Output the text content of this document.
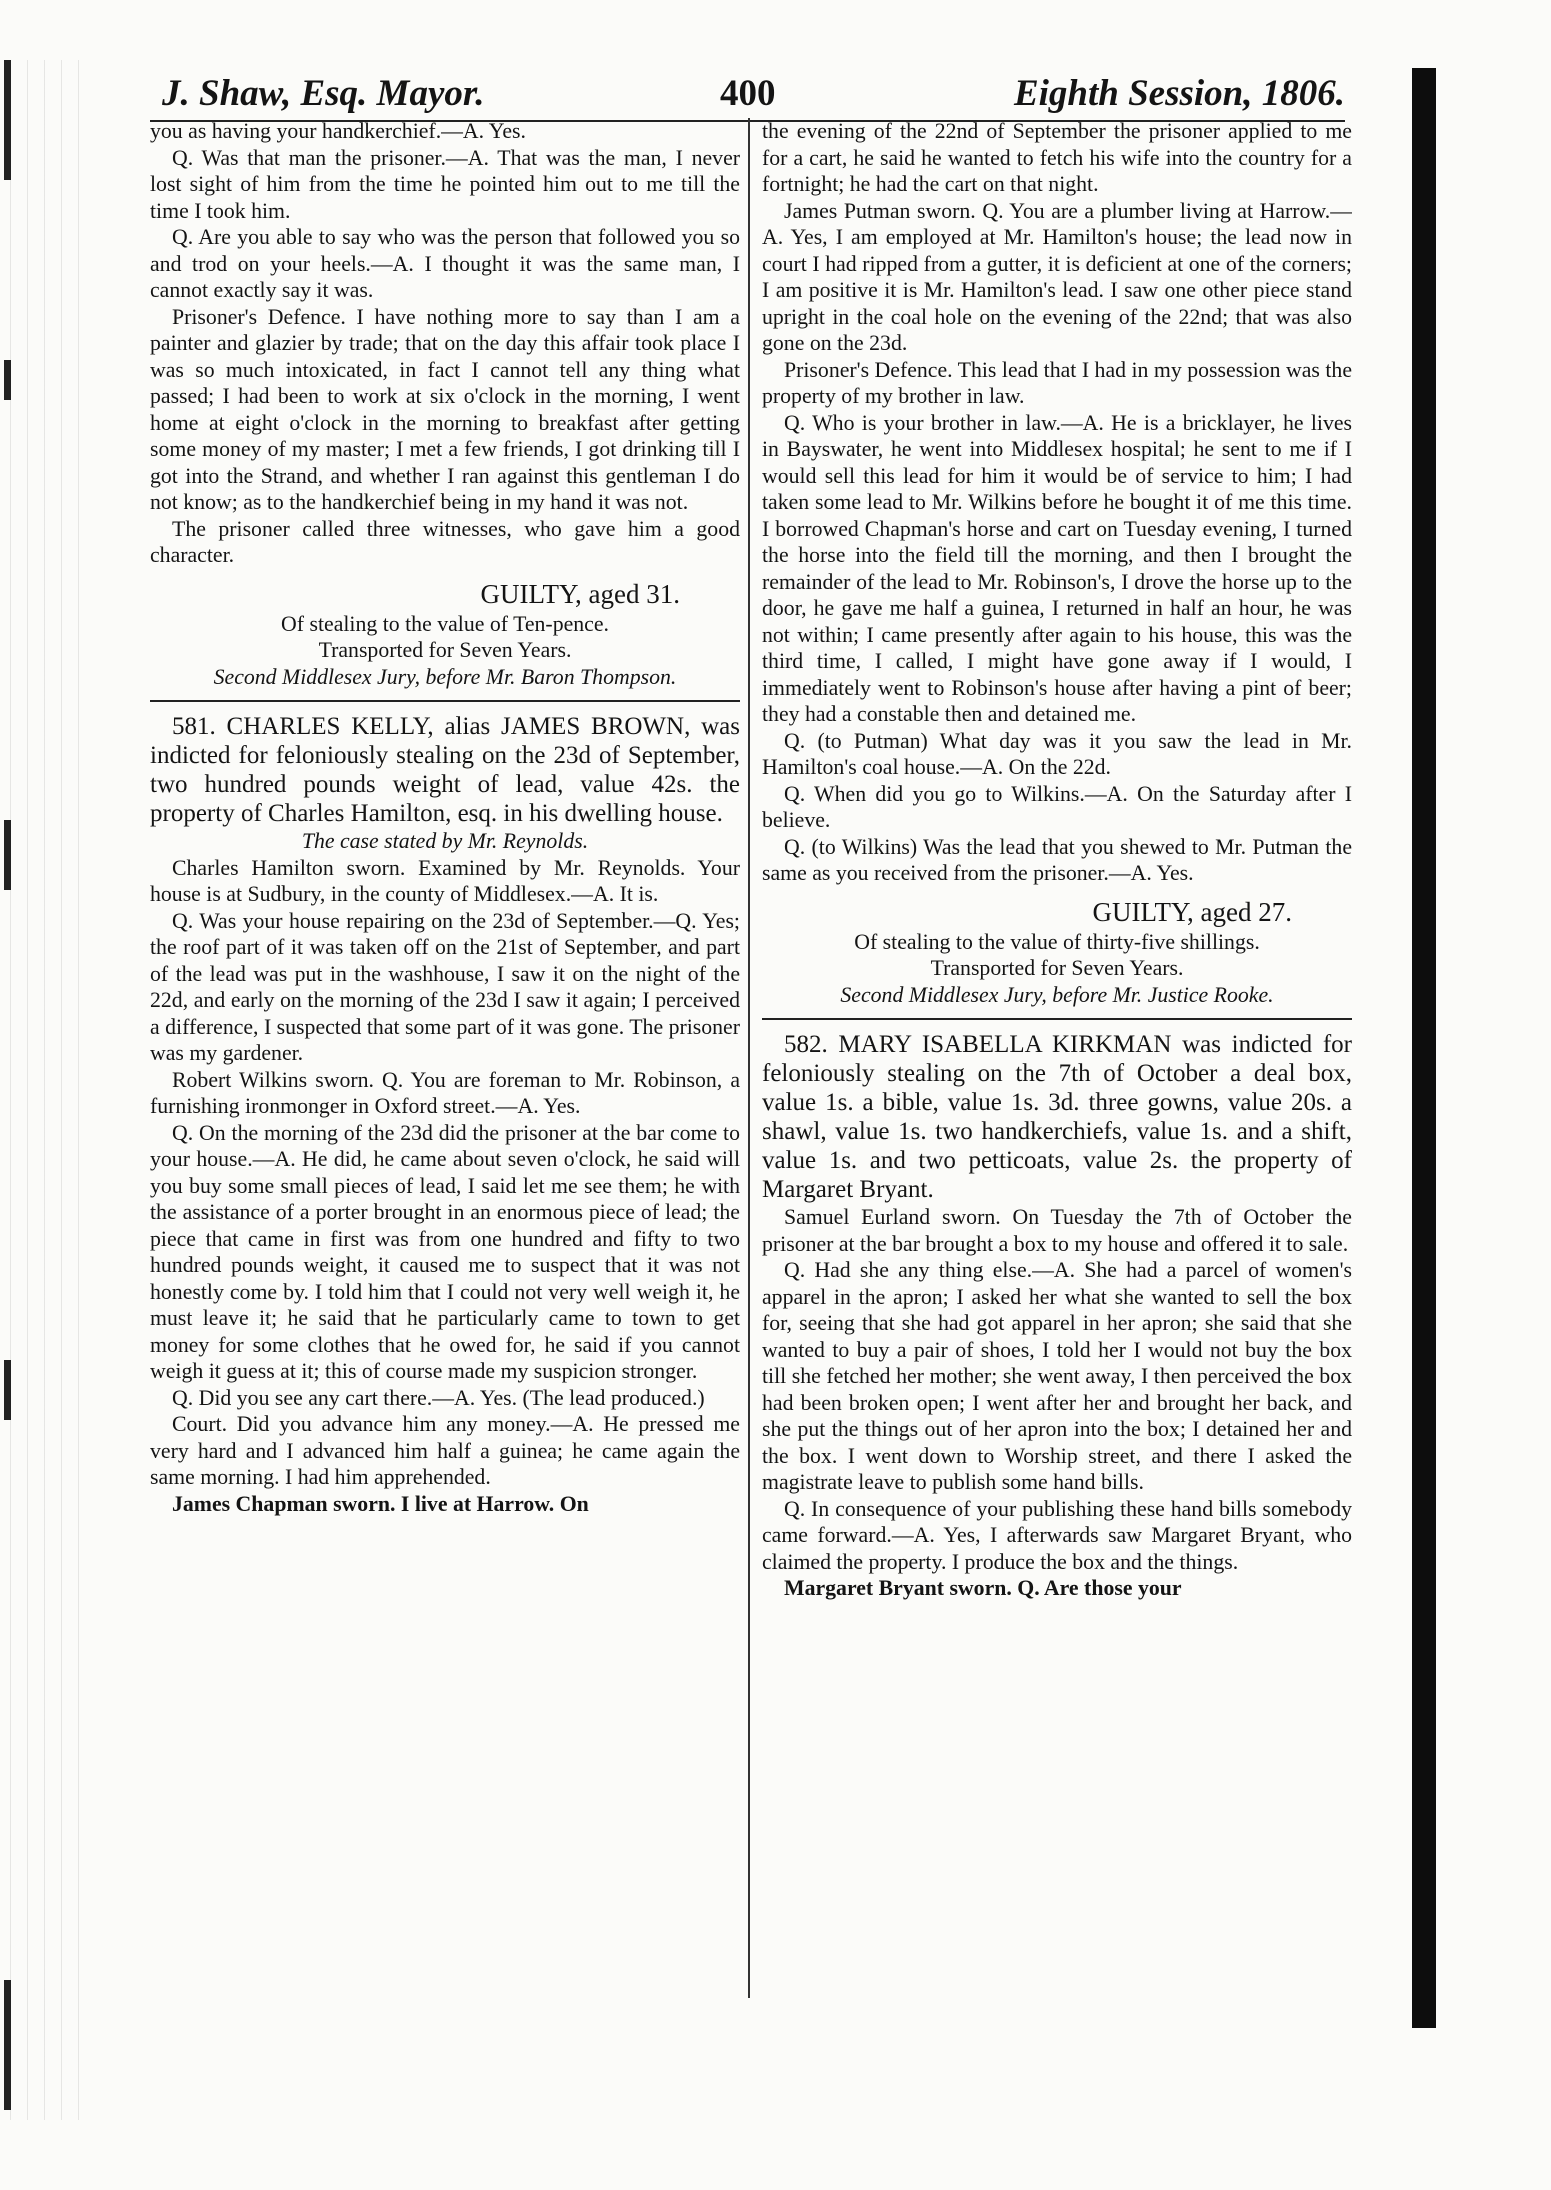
J. Shaw, Esq. Mayor.	400	Eighth Session, 1806.

you as having your handkerchief.—A. Yes.

Q. Was that man the prisoner.—A. That was the man, I never lost sight of him from the time he pointed him out to me till the time I took him.

Q. Are you able to say who was the person that followed you so and trod on your heels.—A. I thought it was the same man, I cannot exactly say it was.

Prisoner's Defence. I have nothing more to say than I am a painter and glazier by trade; that on the day this affair took place I was so much intoxicated, in fact I cannot tell any thing what passed; I had been to work at six o'clock in the morning, I went home at eight o'clock in the morning to breakfast after getting some money of my master; I met a few friends, I got drinking till I got into the Strand, and whether I ran against this gentleman I do not know; as to the handkerchief being in my hand it was not.

The prisoner called three witnesses, who gave him a good character.

GUILTY, aged 31.

Of stealing to the value of Ten-pence.

Transported for Seven Years.

Second Middlesex Jury, before Mr. Baron Thompson.

581. CHARLES KELLY, alias JAMES BROWN, was indicted for feloniously stealing on the 23d of September, two hundred pounds weight of lead, value 42s. the property of Charles Hamilton, esq. in his dwelling house.

The case stated by Mr. Reynolds.

Charles Hamilton sworn. Examined by Mr. Reynolds. Your house is at Sudbury, in the county of Middlesex.—A. It is.

Q. Was your house repairing on the 23d of September.—Q. Yes; the roof part of it was taken off on the 21st of September, and part of the lead was put in the washhouse, I saw it on the night of the 22d, and early on the morning of the 23d I saw it again; I perceived a difference, I suspected that some part of it was gone. The prisoner was my gardener.

Robert Wilkins sworn. Q. You are foreman to Mr. Robinson, a furnishing ironmonger in Oxford street.—A. Yes.

Q. On the morning of the 23d did the prisoner at the bar come to your house.—A. He did, he came about seven o'clock, he said will you buy some small pieces of lead, I said let me see them; he with the assistance of a porter brought in an enormous piece of lead; the piece that came in first was from one hundred and fifty to two hundred pounds weight, it caused me to suspect that it was not honestly come by. I told him that I could not very well weigh it, he must leave it; he said that he particularly came to town to get money for some clothes that he owed for, he said if you cannot weigh it guess at it; this of course made my suspicion stronger.

Q. Did you see any cart there.—A. Yes. (The lead produced.)

Court. Did you advance him any money.—A. He pressed me very hard and I advanced him half a guinea; he came again the same morning. I had him apprehended.

James Chapman sworn. I live at Harrow. On

the evening of the 22nd of September the prisoner applied to me for a cart, he said he wanted to fetch his wife into the country for a fortnight; he had the cart on that night.

James Putman sworn. Q. You are a plumber living at Harrow.—A. Yes, I am employed at Mr. Hamilton's house; the lead now in court I had ripped from a gutter, it is deficient at one of the corners; I am positive it is Mr. Hamilton's lead. I saw one other piece stand upright in the coal hole on the evening of the 22nd; that was also gone on the 23d.

Prisoner's Defence. This lead that I had in my possession was the property of my brother in law.

Q. Who is your brother in law.—A. He is a bricklayer, he lives in Bayswater, he went into Middlesex hospital; he sent to me if I would sell this lead for him it would be of service to him; I had taken some lead to Mr. Wilkins before he bought it of me this time. I borrowed Chapman's horse and cart on Tuesday evening, I turned the horse into the field till the morning, and then I brought the remainder of the lead to Mr. Robinson's, I drove the horse up to the door, he gave me half a guinea, I returned in half an hour, he was not within; I came presently after again to his house, this was the third time, I called, I might have gone away if I would, I immediately went to Robinson's house after having a pint of beer; they had a constable then and detained me.

Q. (to Putman) What day was it you saw the lead in Mr. Hamilton's coal house.—A. On the 22d.

Q. When did you go to Wilkins.—A. On the Saturday after I believe.

Q. (to Wilkins) Was the lead that you shewed to Mr. Putman the same as you received from the prisoner.—A. Yes.

GUILTY, aged 27.

Of stealing to the value of thirty-five shillings.

Transported for Seven Years.

Second Middlesex Jury, before Mr. Justice Rooke.

582. MARY ISABELLA KIRKMAN was indicted for feloniously stealing on the 7th of October a deal box, value 1s. a bible, value 1s. 3d. three gowns, value 20s. a shawl, value 1s. two handkerchiefs, value 1s. and a shift, value 1s. and two petticoats, value 2s. the property of Margaret Bryant.

Samuel Eurland sworn. On Tuesday the 7th of October the prisoner at the bar brought a box to my house and offered it to sale.

Q. Had she any thing else.—A. She had a parcel of women's apparel in the apron; I asked her what she wanted to sell the box for, seeing that she had got apparel in her apron; she said that she wanted to buy a pair of shoes, I told her I would not buy the box till she fetched her mother; she went away, I then perceived the box had been broken open; I went after her and brought her back, and she put the things out of her apron into the box; I detained her and the box. I went down to Worship street, and there I asked the magistrate leave to publish some hand bills.

Q. In consequence of your publishing these hand bills somebody came forward.—A. Yes, I afterwards saw Margaret Bryant, who claimed the property. I produce the box and the things.

Margaret Bryant sworn. Q. Are those your
